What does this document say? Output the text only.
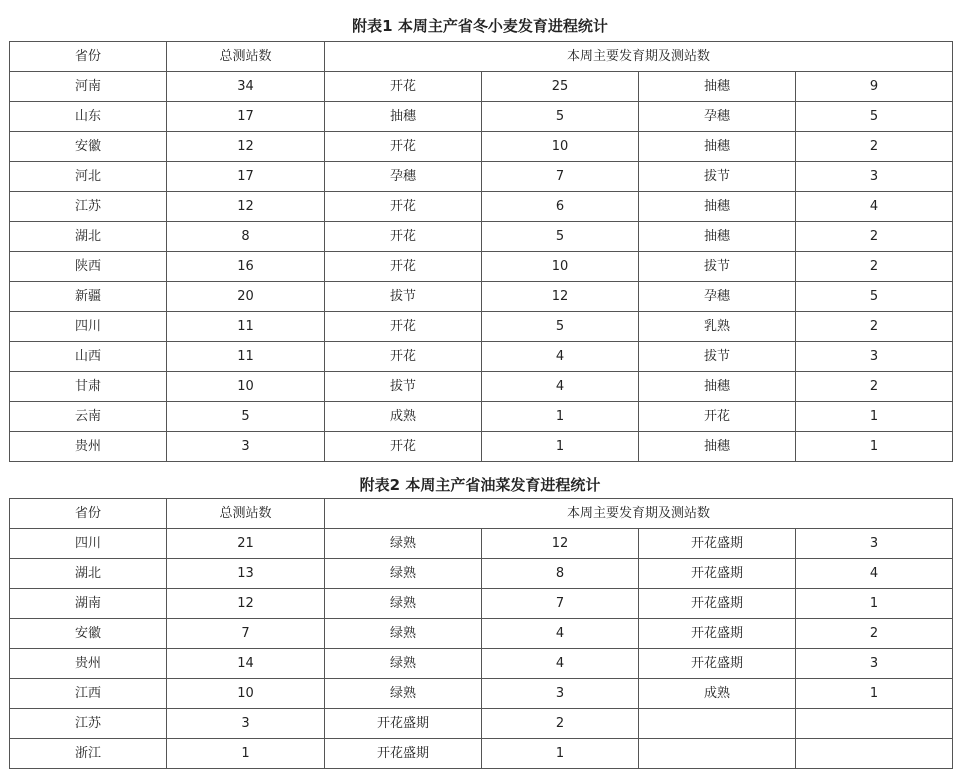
附表1 本周主产省冬小麦发育进程统计
省份	总测站数	本周主要发育期及测站数			
河南	34	开花	25	抽穗	9
山东	17	抽穗	5	孕穗	5
安徽	12	开花	10	抽穗	2
河北	17	孕穗	7	拔节	3
江苏	12	开花	6	抽穗	4
湖北	8	开花	5	抽穗	2
陕西	16	开花	10	拔节	2
新疆	20	拔节	12	孕穗	5
四川	11	开花	5	乳熟	2
山西	11	开花	4	拔节	3
甘肃	10	拔节	4	抽穗	2
云南	5	成熟	1	开花	1
贵州	3	开花	1	抽穗	1
附表2 本周主产省油菜发育进程统计
省份	总测站数	本周主要发育期及测站数			
四川	21	绿熟	12	开花盛期	3
湖北	13	绿熟	8	开花盛期	4
湖南	12	绿熟	7	开花盛期	1
安徽	7	绿熟	4	开花盛期	2
贵州	14	绿熟	4	开花盛期	3
江西	10	绿熟	3	成熟	1
江苏	3	开花盛期	2		
浙江	1	开花盛期	1		
